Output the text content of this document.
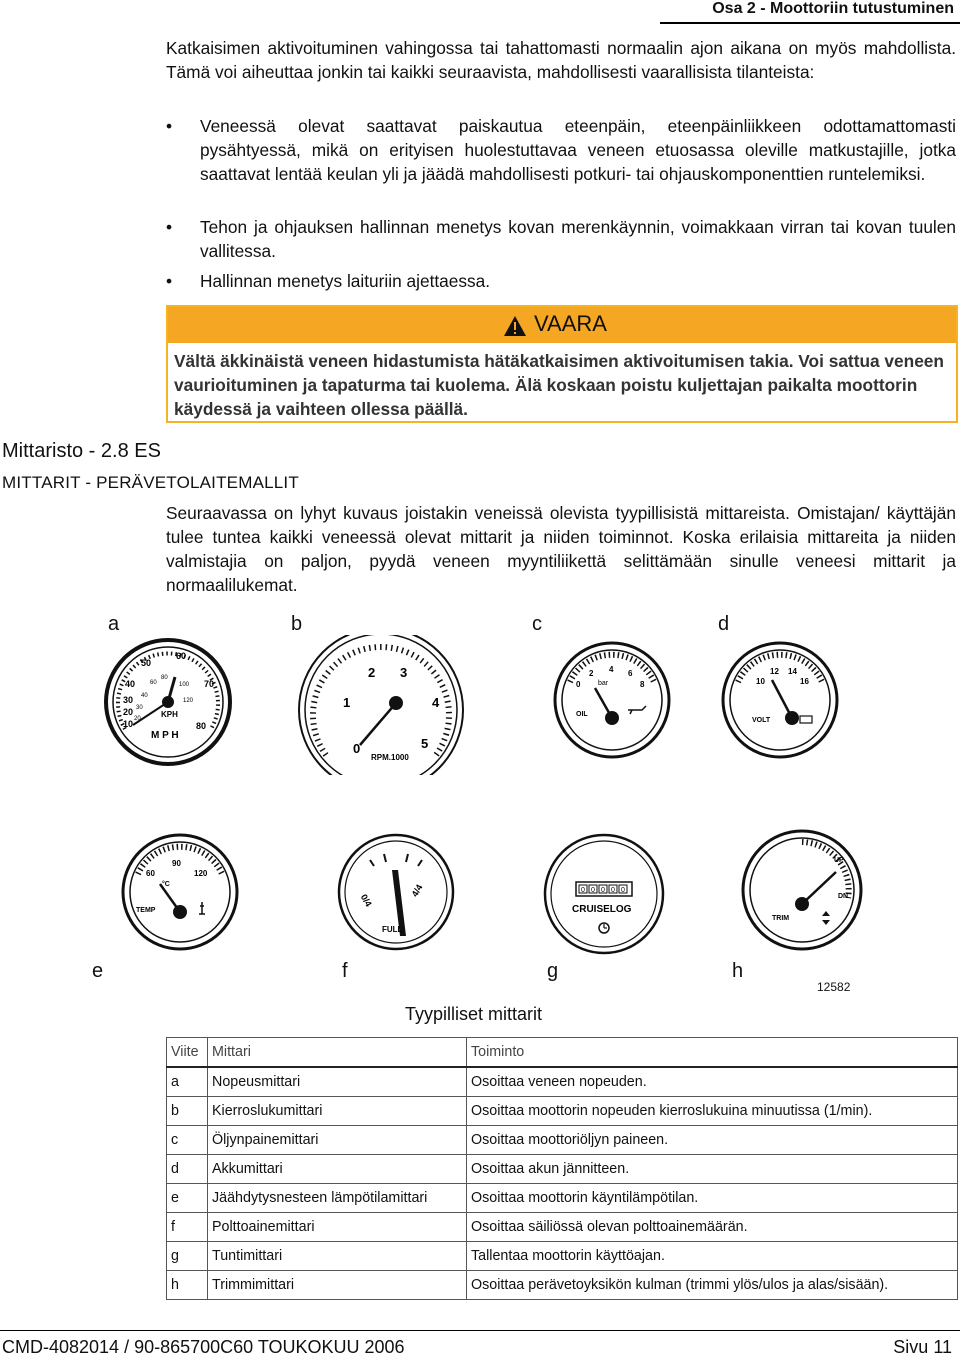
Osa 2 - Moottoriin tutustuminen
Katkaisimen aktivoituminen vahingossa tai tahattomasti normaalin ajon aikana on myös mahdollista. Tämä voi aiheuttaa jonkin tai kaikki seuraavista, mahdollisesti vaarallisista tilanteista:
• Veneessä olevat saattavat paiskautua eteenpäin, eteenpäinliikkeen odottamattomasti pysähtyessä, mikä on erityisen huolestuttavaa veneen etuosassa oleville matkustajille, jotka saattavat lentää keulan yli ja jäädä mahdollisesti potkuri- tai ohjauskomponenttien runtelemiksi.
• Tehon ja ohjauksen hallinnan menetys kovan merenkäynnin, voimakkaan virran tai kovan tuulen vallitessa.
• Hallinnan menetys laituriin ajettaessa.
VAARA
Vältä äkkinäistä veneen hidastumista hätäkatkaisimen aktivoitumisen takia. Voi sattua veneen vaurioituminen ja tapaturma tai kuolema. Älä koskaan poistu kuljettajan paikalta moottorin käydessä ja vaihteen ollessa päällä.
Mittaristo - 2.8 ES
MITTARIT - PERÄVETOLAITEMALLIT
Seuraavassa on lyhyt kuvaus joistakin veneissä olevista tyypillisistä mittareista. Omistajan/ käyttäjän tulee tuntea kaikki veneessä olevat mittarit ja niiden toiminnot. Koska erilaisia mittareita ja niiden valmistajia on paljon, pyydä veneen myyntiliikettä selittämään sinulle veneesi mittarit ja normaalilukemat.
a	b	c	d
e	f	g	h
10
20
30
40
50
60
70
80
20
30
40
60
80
100
120
KPH
M P H
0
1
2 3
4
5
RPM.1000
0
2 4 6
8
bar
OIL
10
12 14
16
VOLT
60
90
120
°C
TEMP
0/4
4/4
FULL
0 0 0 0 0
CRUISELOG
UP
DN
TRIM
12582
Tyypilliset mittarit
Viite	Mittari	Toiminto
a	Nopeusmittari	Osoittaa veneen nopeuden.
b	Kierroslukumittari	Osoittaa moottorin nopeuden kierroslukuina minuutissa (1/min).
c	Öljynpainemittari	Osoittaa moottoriöljyn paineen.
d	Akkumittari	Osoittaa akun jännitteen.
e	Jäähdytysnesteen lämpötilamittari	Osoittaa moottorin käyntilämpötilan.
f	Polttoainemittari	Osoittaa säiliössä olevan polttoainemäärän.
g	Tuntimittari	Tallentaa moottorin käyttöajan.
h	Trimmimittari	Osoittaa perävetoyksikön kulman (trimmi ylös/ulos ja alas/sisään).
CMD-4082014 / 90-865700C60 TOUKOKUU 2006	Sivu 11
